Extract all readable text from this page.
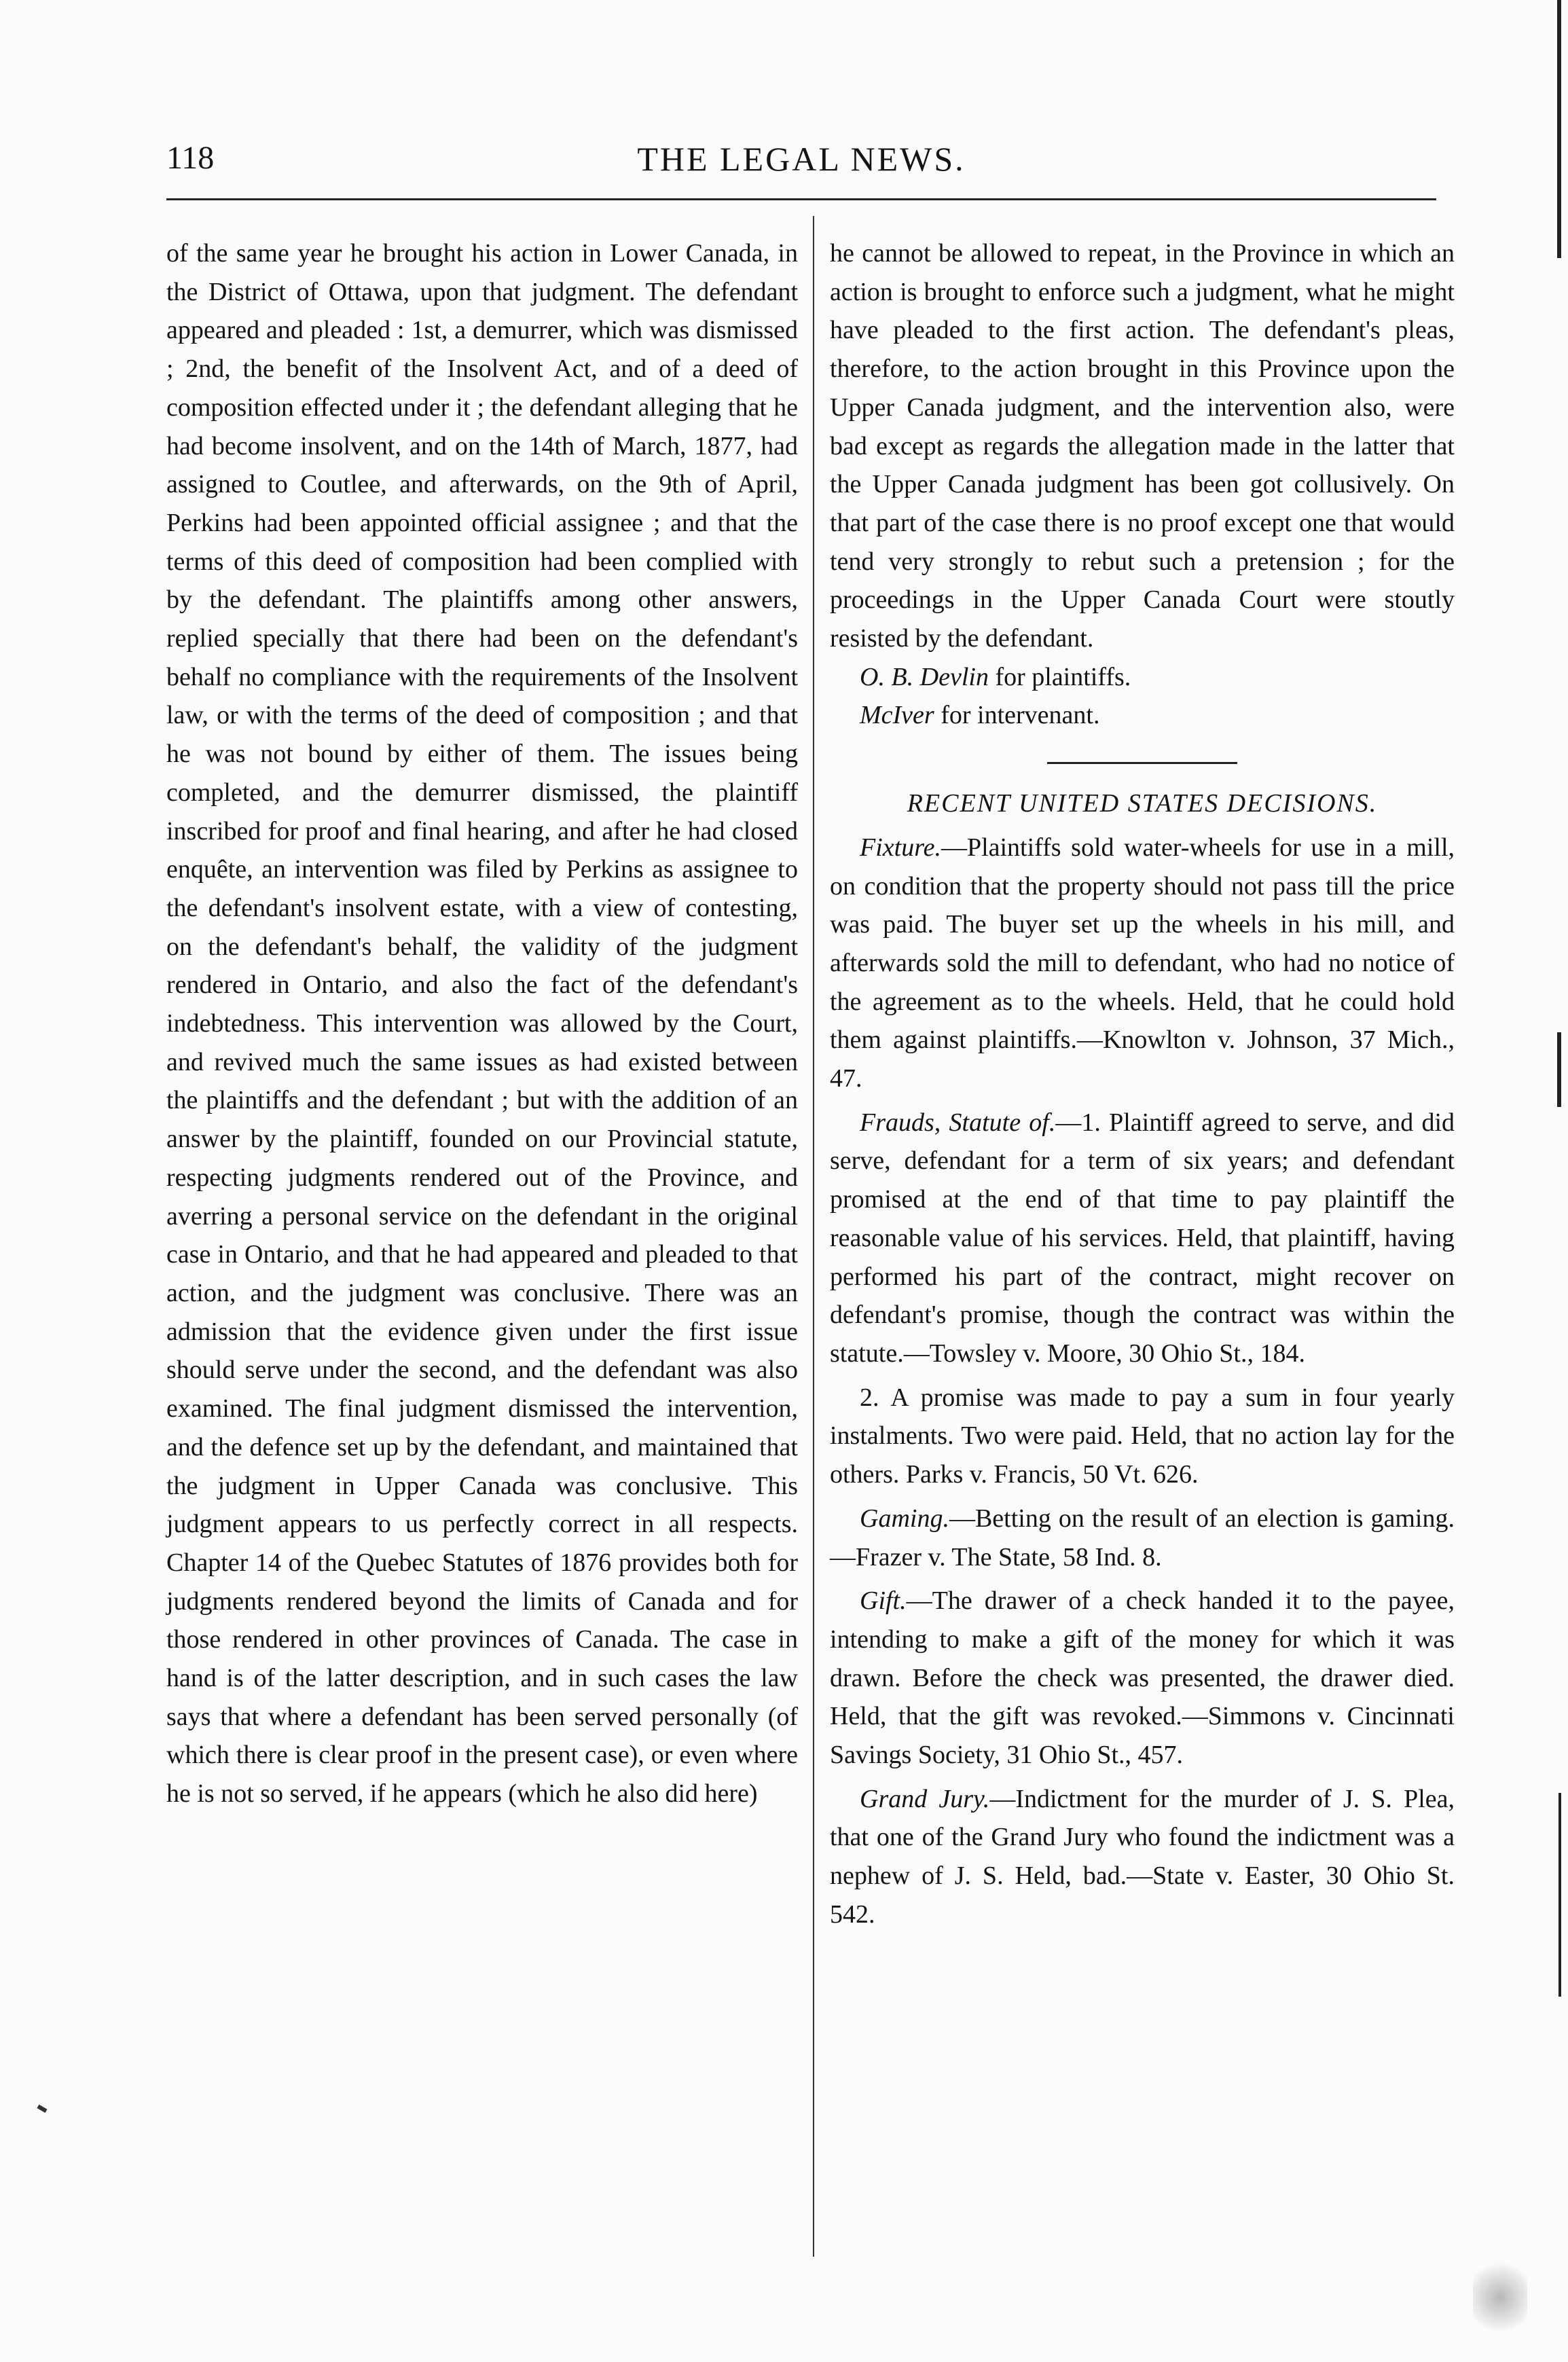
118	THE LEGAL NEWS.

of the same year he brought his action in Lower Canada, in the District of Ottawa, upon that judgment. The defendant appeared and pleaded : 1st, a demurrer, which was dismissed ; 2nd, the benefit of the Insolvent Act, and of a deed of composition effected under it ; the defendant alleging that he had become insolvent, and on the 14th of March, 1877, had assigned to Coutlee, and afterwards, on the 9th of April, Perkins had been appointed official assignee ; and that the terms of this deed of composition had been complied with by the defendant. The plaintiffs among other answers, replied specially that there had been on the defendant's behalf no compliance with the requirements of the Insolvent law, or with the terms of the deed of composition ; and that he was not bound by either of them. The issues being completed, and the demurrer dismissed, the plaintiff inscribed for proof and final hearing, and after he had closed enquête, an intervention was filed by Perkins as assignee to the defendant's insolvent estate, with a view of contesting, on the defendant's behalf, the validity of the judgment rendered in Ontario, and also the fact of the defendant's indebtedness. This intervention was allowed by the Court, and revived much the same issues as had existed between the plaintiffs and the defendant ; but with the addition of an answer by the plaintiff, founded on our Provincial statute, respecting judgments rendered out of the Province, and averring a personal service on the defendant in the original case in Ontario, and that he had appeared and pleaded to that action, and the judgment was conclusive. There was an admission that the evidence given under the first issue should serve under the second, and the defendant was also examined. The final judgment dismissed the intervention, and the defence set up by the defendant, and maintained that the judgment in Upper Canada was conclusive. This judgment appears to us perfectly correct in all respects. Chapter 14 of the Quebec Statutes of 1876 provides both for judgments rendered beyond the limits of Canada and for those rendered in other provinces of Canada. The case in hand is of the latter description, and in such cases the law says that where a defendant has been served personally (of which there is clear proof in the present case), or even where he is not so served, if he appears (which he also did here)

he cannot be allowed to repeat, in the Province in which an action is brought to enforce such a judgment, what he might have pleaded to the first action. The defendant's pleas, therefore, to the action brought in this Province upon the Upper Canada judgment, and the intervention also, were bad except as regards the allegation made in the latter that the Upper Canada judgment has been got collusively. On that part of the case there is no proof except one that would tend very strongly to rebut such a pretension ; for the proceedings in the Upper Canada Court were stoutly resisted by the defendant.

O. B. Devlin for plaintiffs.

McIver for intervenant.

RECENT UNITED STATES DECISIONS.

Fixture.—Plaintiffs sold water-wheels for use in a mill, on condition that the property should not pass till the price was paid. The buyer set up the wheels in his mill, and afterwards sold the mill to defendant, who had no notice of the agreement as to the wheels. Held, that he could hold them against plaintiffs.—Knowlton v. Johnson, 37 Mich., 47.

Frauds, Statute of.—1. Plaintiff agreed to serve, and did serve, defendant for a term of six years; and defendant promised at the end of that time to pay plaintiff the reasonable value of his services. Held, that plaintiff, having performed his part of the contract, might recover on defendant's promise, though the contract was within the statute.—Towsley v. Moore, 30 Ohio St., 184.

2. A promise was made to pay a sum in four yearly instalments. Two were paid. Held, that no action lay for the others. Parks v. Francis, 50 Vt. 626.

Gaming.—Betting on the result of an election is gaming.—Frazer v. The State, 58 Ind. 8.

Gift.—The drawer of a check handed it to the payee, intending to make a gift of the money for which it was drawn. Before the check was presented, the drawer died. Held, that the gift was revoked.—Simmons v. Cincinnati Savings Society, 31 Ohio St., 457.

Grand Jury.—Indictment for the murder of J. S. Plea, that one of the Grand Jury who found the indictment was a nephew of J. S. Held, bad.—State v. Easter, 30 Ohio St. 542.
